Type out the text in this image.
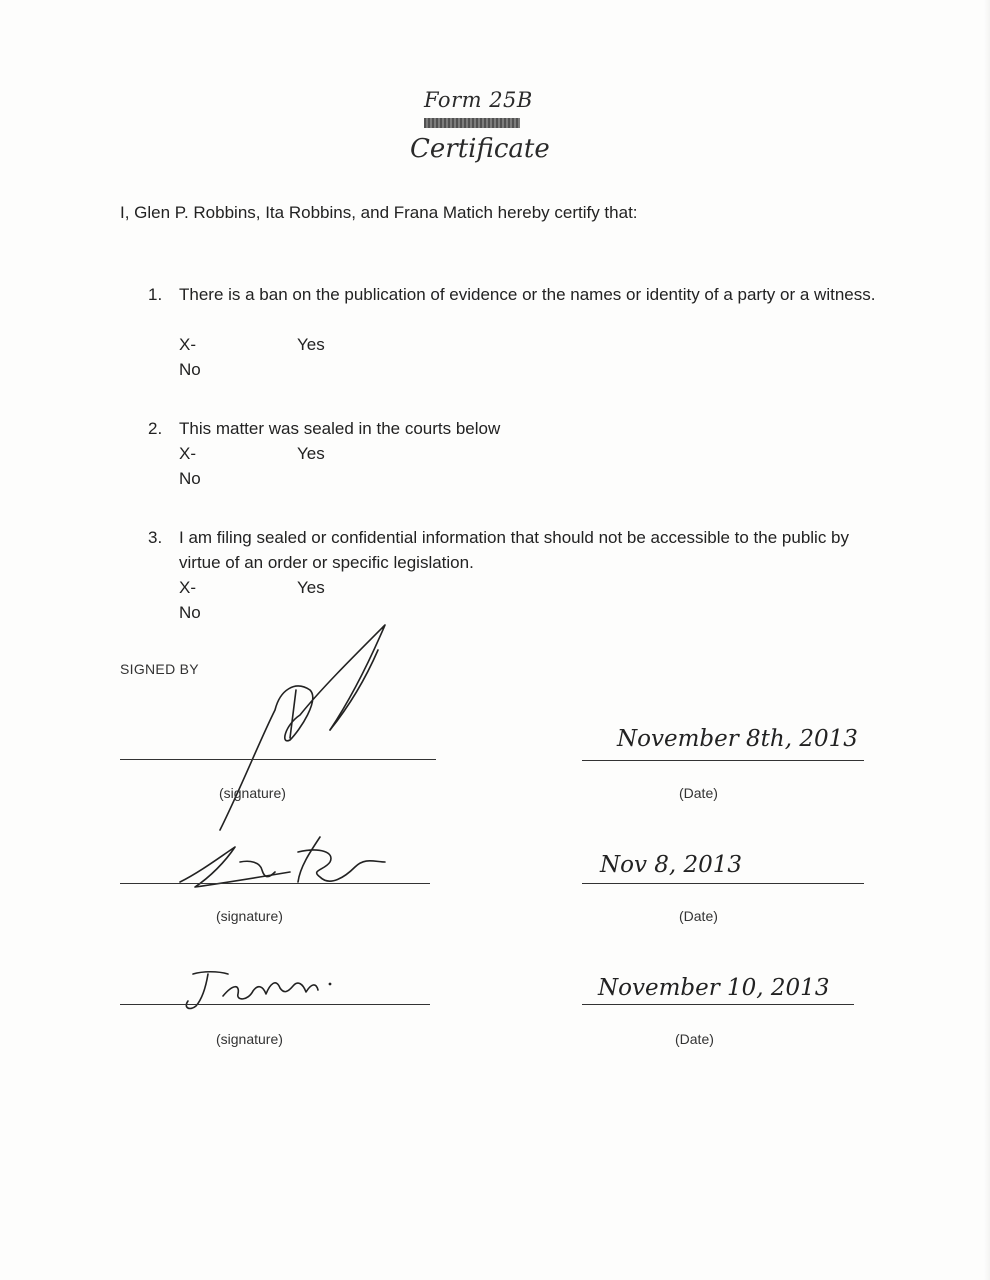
Form 25B
Certificate
I, Glen P. Robbins, Ita Robbins, and Frana Matich hereby certify that:
1. There is a ban on the publication of evidence or the names or identity of a party or a witness.
X-No
Yes
2. This matter was sealed in the courts below
X-No
Yes
3. I am filing sealed or confidential information that should not be accessible to the public by virtue of an order or specific legislation.
X-No
Yes
SIGNED BY
(signature)
November 8th, 2013
(Date)
(signature)
Nov 8, 2013
(Date)
(signature)
November 10, 2013
(Date)
